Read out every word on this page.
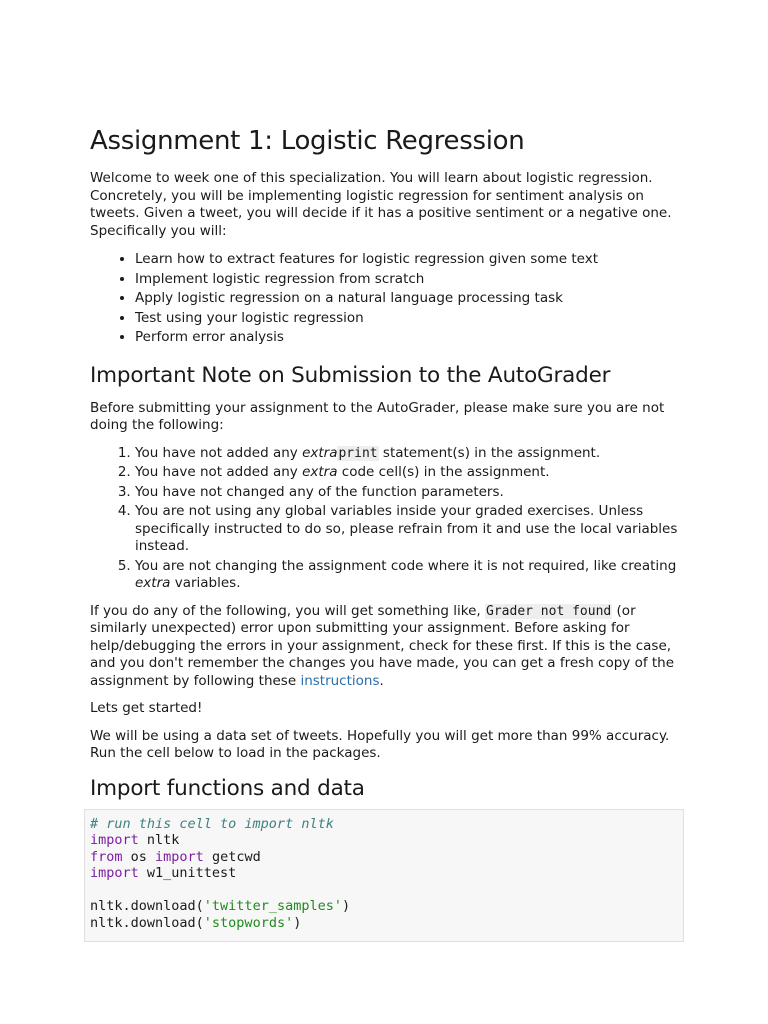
Assignment 1: Logistic Regression

Welcome to week one of this specialization. You will learn about logistic regression. Concretely, you will be implementing logistic regression for sentiment analysis on tweets. Given a tweet, you will decide if it has a positive sentiment or a negative one. Specifically you will:

• Learn how to extract features for logistic regression given some text
• Implement logistic regression from scratch
• Apply logistic regression on a natural language processing task
• Test using your logistic regression
• Perform error analysis
Important Note on Submission to the AutoGrader

Before submitting your assignment to the AutoGrader, please make sure you are not doing the following:

1. You have not added any extraprint statement(s) in the assignment.
2. You have not added any extra code cell(s) in the assignment.
3. You have not changed any of the function parameters.
4. You are not using any global variables inside your graded exercises. Unless specifically instructed to do so, please refrain from it and use the local variables instead.
5. You are not changing the assignment code where it is not required, like creating extra variables.

If you do any of the following, you will get something like, Grader not found (or similarly unexpected) error upon submitting your assignment. Before asking for help/debugging the errors in your assignment, check for these first. If this is the case, and you don't remember the changes you have made, you can get a fresh copy of the assignment by following these instructions.

Lets get started!

We will be using a data set of tweets. Hopefully you will get more than 99% accuracy.
Run the cell below to load in the packages.

Import functions and data
# run this cell to import nltk
import nltk
from os import getcwd
import w1_unittest
nltk.download('twitter_samples')
nltk.download('stopwords')
